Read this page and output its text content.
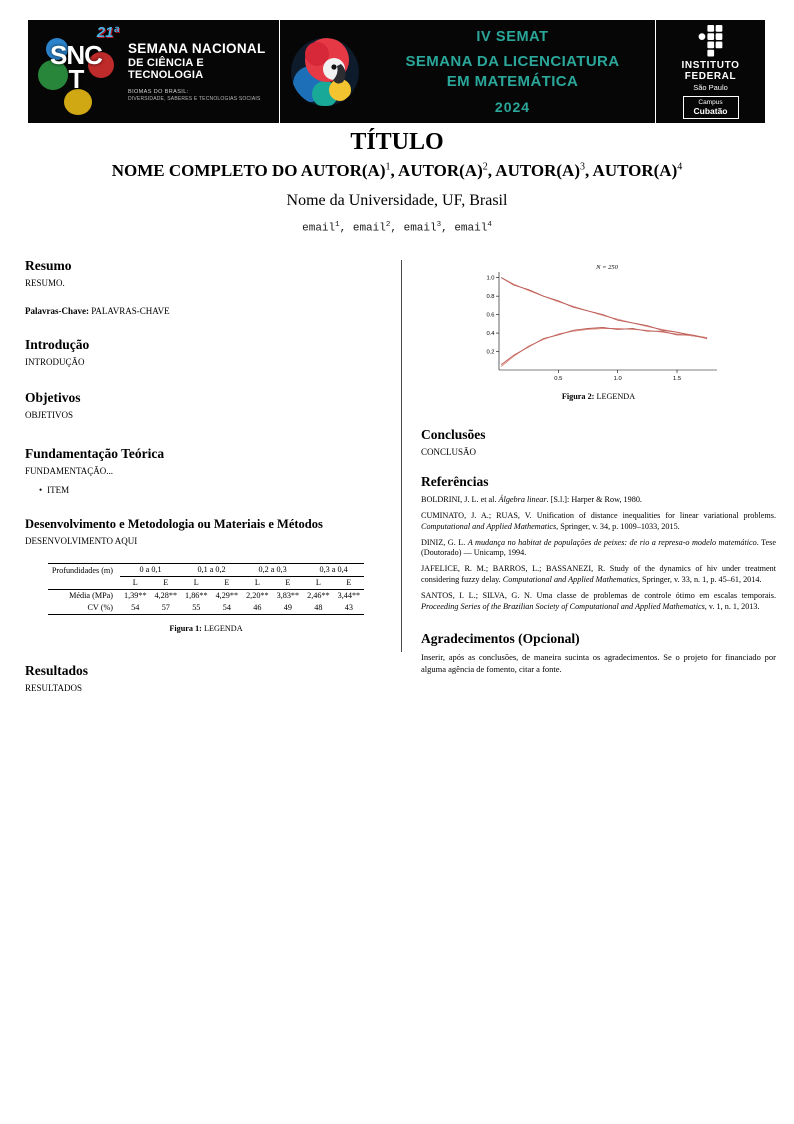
SNCT
21ª
SEMANA NACIONAL
DE CIÊNCIA E TECNOLOGIA
BIOMAS DO BRASIL:
DIVERSIDADE, SABERES E TECNOLOGIAS SOCIAIS
IV SEMAT
SEMANA DA LICENCIATURA
EM MATEMÁTICA
2024
INSTITUTO
FEDERAL
São Paulo
Campus
Cubatão
TÍTULO

NOME COMPLETO DO $AUTOR(A)^1$, $AUTOR(A)^2$, $AUTOR(A)^3$, $AUTOR(A)^4$

Nome da Universidade, UF, Brasil

email$^1$, email$^2$, email$^3$, email$^4$

Resumo

RESUMO.

Palavras-Chave: PALAVRAS-CHAVE

Introdução

INTRODUÇÃO

Objetivos

OBJETIVOS

Fundamentação Teórica

FUNDAMENTAÇÃO...

• ITEM

Desenvolvimento e Metodologia ou Materiais e Métodos

DESENVOLVIMENTO AQUI

Profundidades (m)	0 a 0,1		0,1 a 0,2		0,2 a 0,3		0,3 a 0,4	
	L	E	L	E	L	E	L	E
Média (MPa)	1,39**	4,28**	1,86**	4,29**	2,20**	3,83**	2,46**	3,44**
CV (%)	54	57	55	54	46	49	48	43

Figura 1: LEGENDA

Resultados

RESULTADOS

0.2
0.4
0.6
0.8
1.0
0.5	1.0	1.5
N = 250

Figura 2: LEGENDA

Conclusões

CONCLUSÃO

Referências

BOLDRINI, J. L. et al. Álgebra linear. [S.l.]: Harper & Row, 1980.

CUMINATO, J. A.; RUAS, V. Unification of distance inequalities for linear variational problems. Computational and Applied Mathematics, Springer, v. 34, p. 1009–1033, 2015.

DINIZ, G. L. A mudança no habitat de populações de peixes: de rio a represa-o modelo matemático. Tese (Doutorado) — Unicamp, 1994.

JAFELICE, R. M.; BARROS, L.; BASSANEZI, R. Study of the dynamics of hiv under treatment considering fuzzy delay. Computational and Applied Mathematics, Springer, v. 33, n. 1, p. 45–61, 2014.

SANTOS, I. L.; SILVA, G. N. Uma classe de problemas de controle ótimo em escalas temporais. Proceeding Series of the Brazilian Society of Computational and Applied Mathematics, v. 1, n. 1, 2013.

Agradecimentos (Opcional)

Inserir, após as conclusões, de maneira sucinta os agradecimentos. Se o projeto for financiado por alguma agência de fomento, citar a fonte.
